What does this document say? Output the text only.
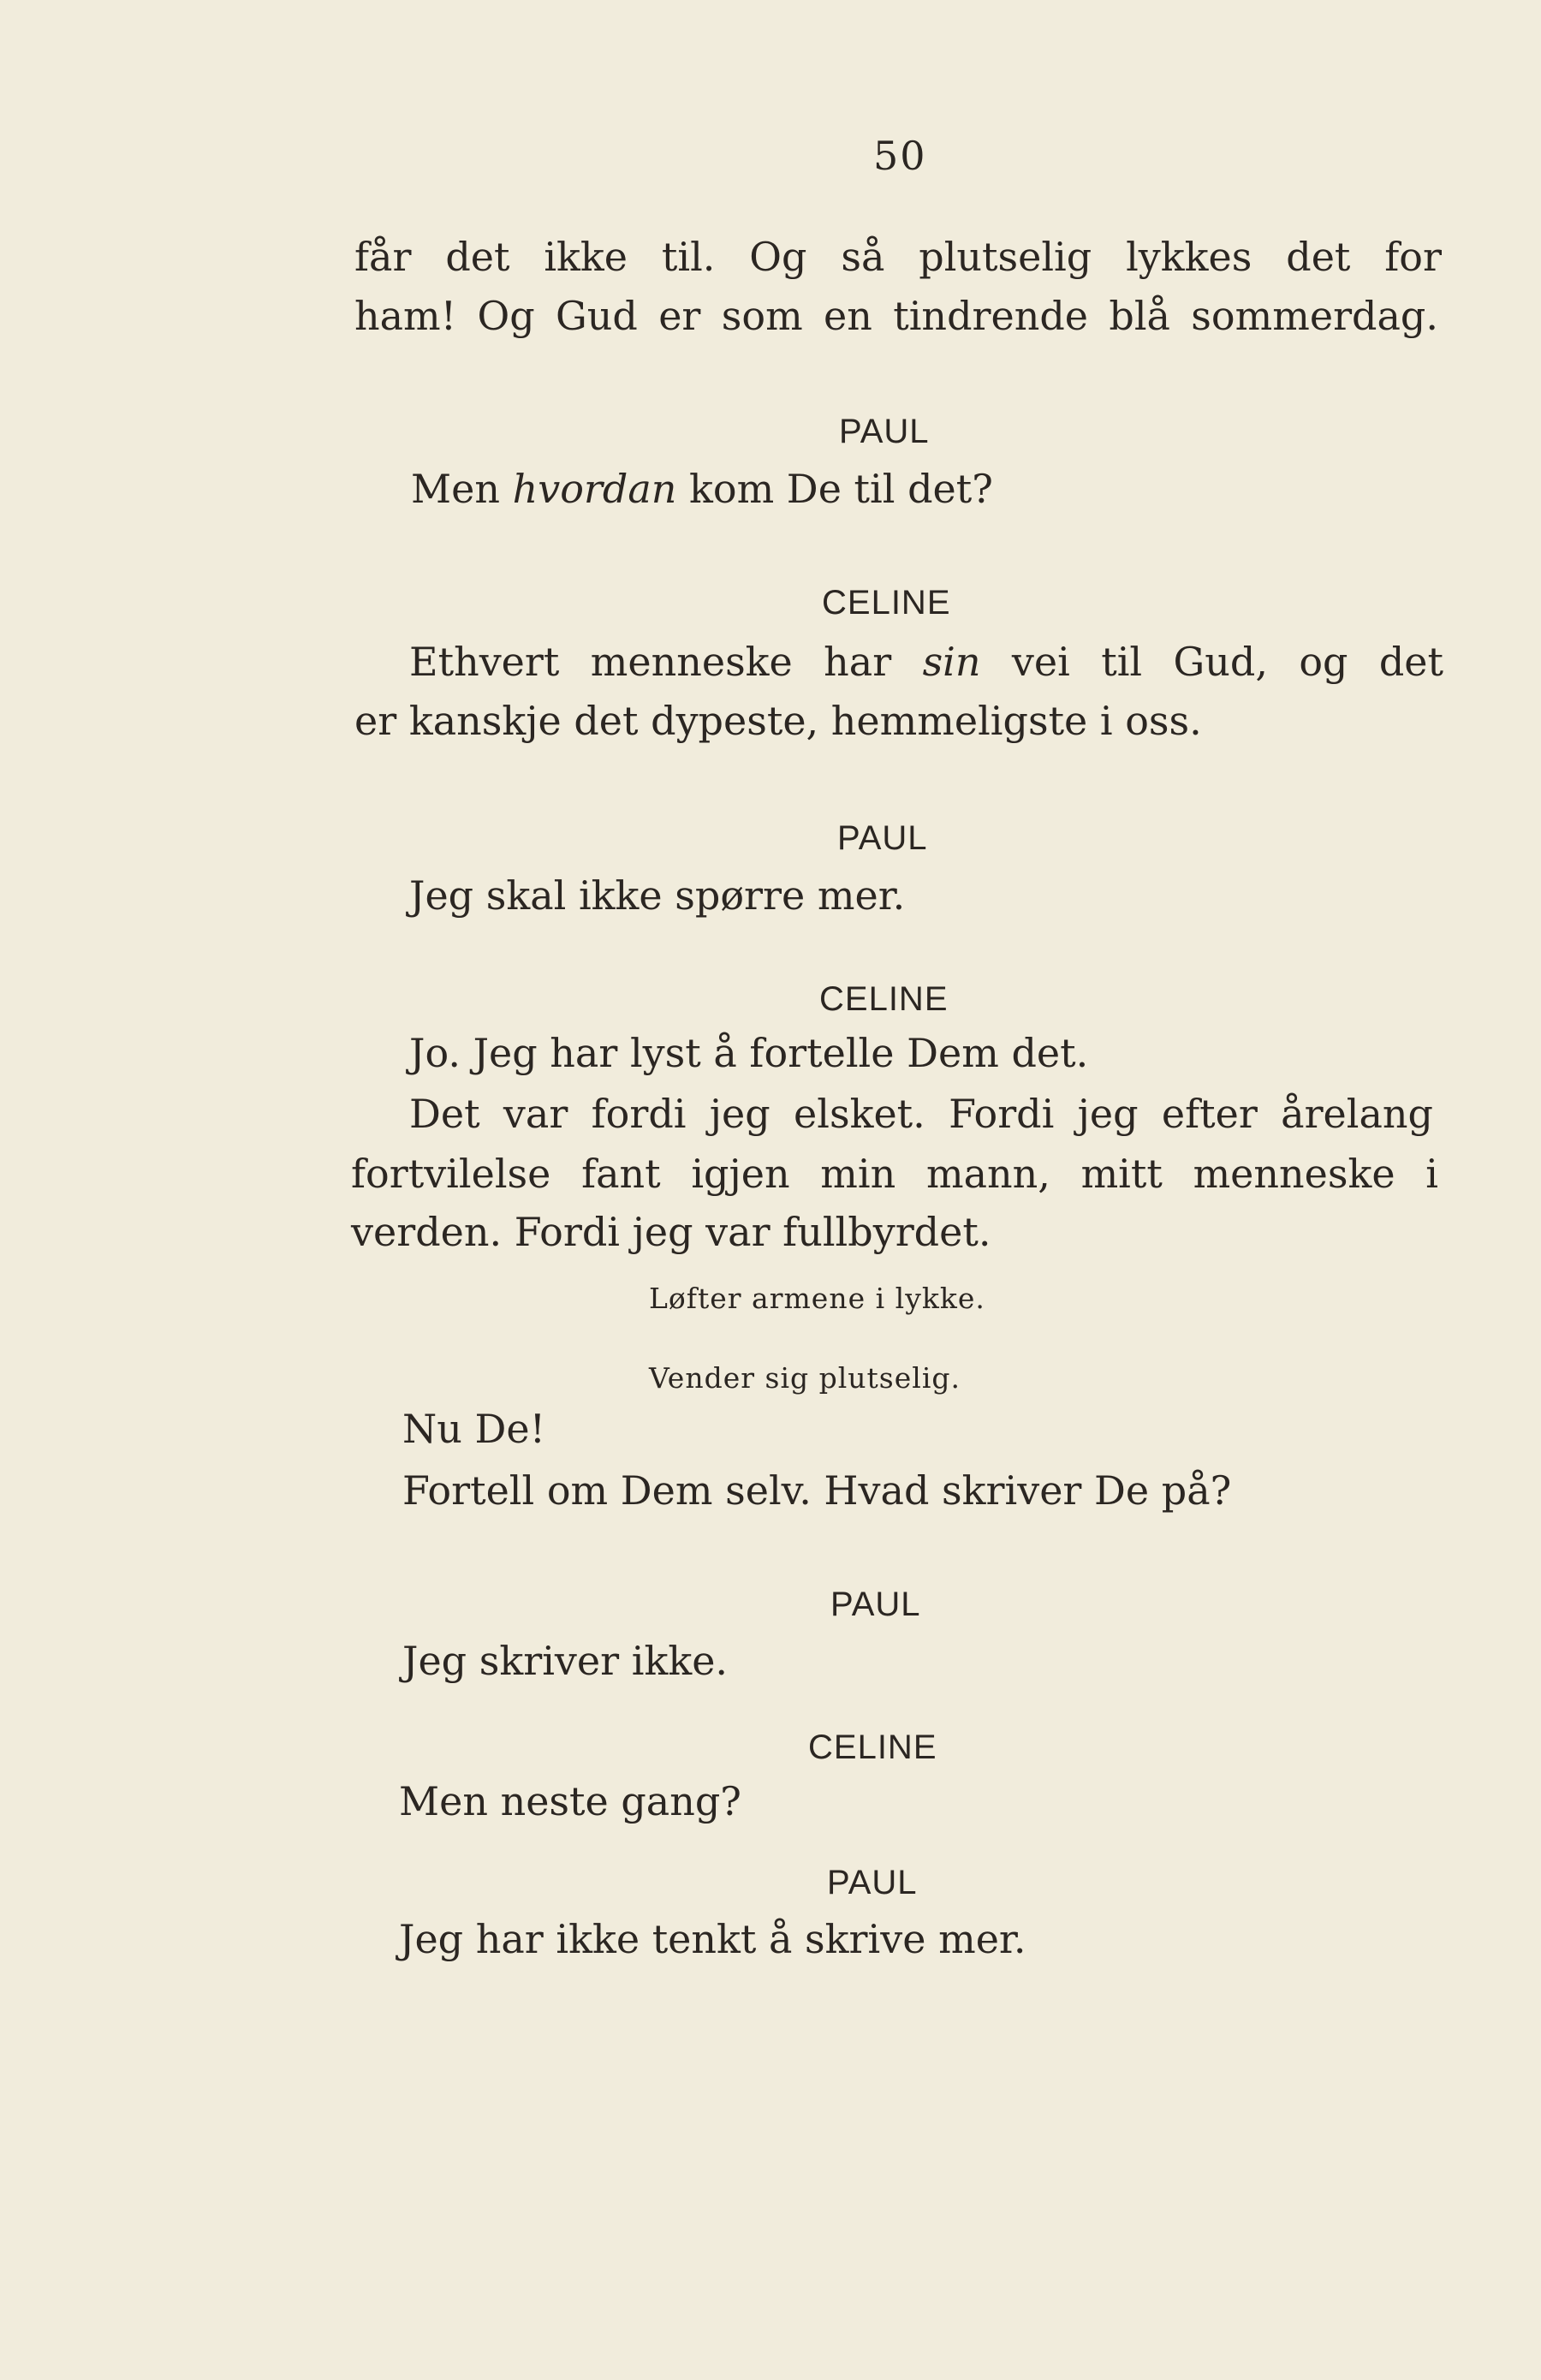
50
får det ikke til. Og så plutselig lykkes det for
ham! Og Gud er som en tindrende blå sommerdag.
PAUL
Men hvordan kom De til det?
CELINE
Ethvert menneske har sin vei til Gud, og det
er kanskje det dypeste, hemmeligste i oss.
PAUL
Jeg skal ikke spørre mer.
CELINE
Jo. Jeg har lyst å fortelle Dem det.
Det var fordi jeg elsket. Fordi jeg efter årelang
fortvilelse fant igjen min mann, mitt menneske i
verden. Fordi jeg var fullbyrdet.
Løfter armene i lykke.
Vender sig plutselig.
Nu De!
Fortell om Dem selv. Hvad skriver De på?
PAUL
Jeg skriver ikke.
CELINE
Men neste gang?
PAUL
Jeg har ikke tenkt å skrive mer.
